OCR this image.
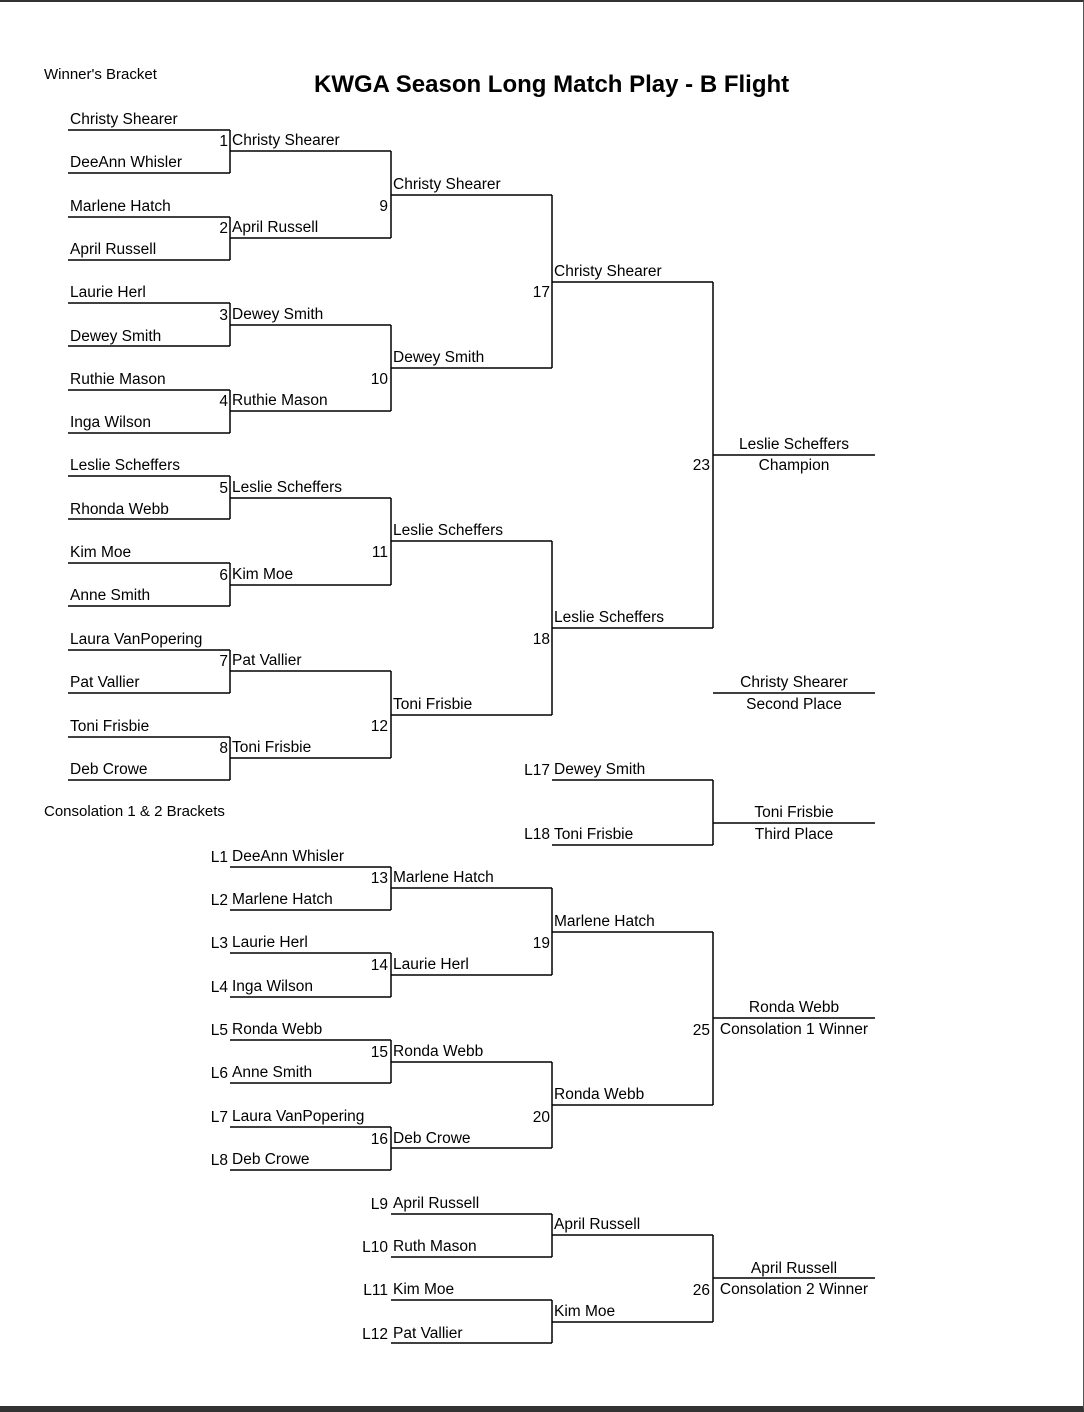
KWGA Season Long Match Play - B Flight
Winner's Bracket
Consolation 1 & 2 Brackets
Christy Shearer
DeeAnn Whisler
Marlene Hatch
April Russell
Laurie Herl
Dewey Smith
Ruthie Mason
Inga Wilson
Leslie Scheffers
Rhonda Webb
Kim Moe
Anne Smith
Laura VanPopering
Pat Vallier
Toni Frisbie
Deb Crowe
1 Christy Shearer
2 April Russell
3 Dewey Smith
4 Ruthie Mason
5 Leslie Scheffers
6 Kim Moe
7 Pat Vallier
8 Toni Frisbie
9
Christy Shearer
10
Dewey Smith
11
Leslie Scheffers
12
Toni Frisbie
17
Christy Shearer
18
Leslie Scheffers
23
Leslie Scheffers
Champion
Christy Shearer
Second Place
L17 Dewey Smith
L18 Toni Frisbie
Toni Frisbie
Third Place
L1 DeeAnn Whisler
L2 Marlene Hatch
L3 Laurie Herl
L4 Inga Wilson
L5 Ronda Webb
L6 Anne Smith
L7 Laura VanPopering
L8 Deb Crowe
13 Marlene Hatch
14 Laurie Herl
15 Ronda Webb
16 Deb Crowe
19
Marlene Hatch
20
Ronda Webb
25
Ronda Webb
Consolation 1 Winner
L9 April Russell
L10 Ruth Mason
L11 Kim Moe
L12 Pat Vallier
April Russell
Kim Moe
26
April Russell
Consolation 2 Winner
